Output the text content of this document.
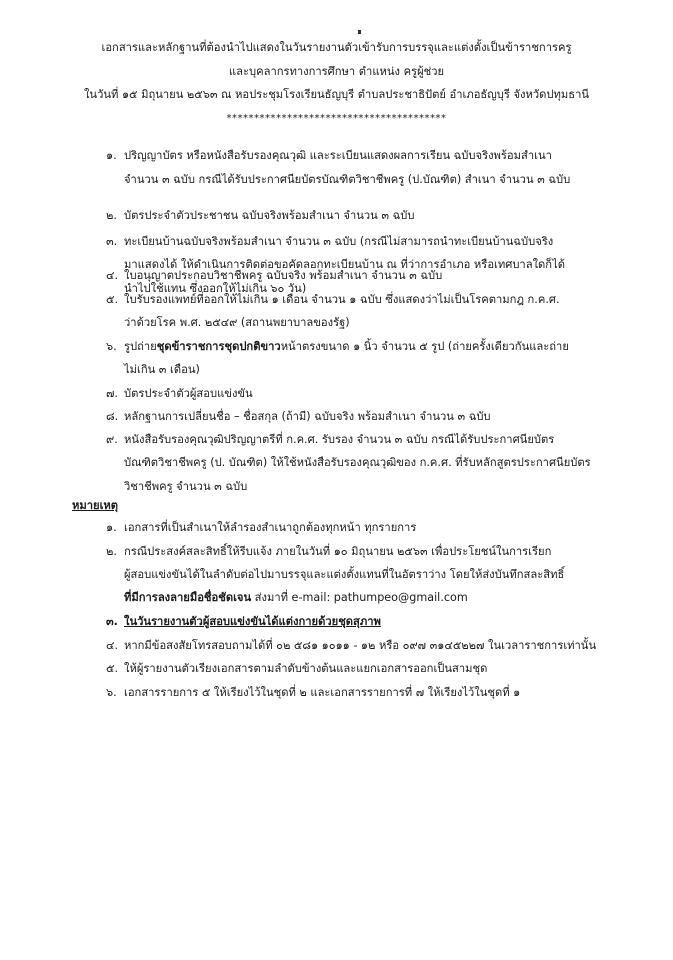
เอกสารและหลักฐานที่ต้องนำไปแสดงในวันรายงานตัวเข้ารับการบรรจุและแต่งตั้งเป็นข้าราชการครู
และบุคลากรทางการศึกษา ตำแหน่ง ครูผู้ช่วย
ในวันที่ ๑๕ มิถุนายน ๒๕๖๓ ณ หอประชุมโรงเรียนธัญบุรี ตำบลประชาธิปัตย์ อำเภอธัญบุรี จังหวัดปทุมธานี
****************************************
๑. ปริญญาบัตร หรือหนังสือรับรองคุณวุฒิ และระเบียนแสดงผลการเรียน ฉบับจริงพร้อมสำเนา
จำนวน ๓ ฉบับ กรณีได้รับประกาศนียบัตรบัณฑิตวิชาชีพครู (ป.บัณฑิต) สำเนา จำนวน ๓ ฉบับ
๒. บัตรประจำตัวประชาชน ฉบับจริงพร้อมสำเนา จำนวน ๓ ฉบับ
๓. ทะเบียนบ้านฉบับจริงพร้อมสำเนา จำนวน ๓ ฉบับ (กรณีไม่สามารถนำทะเบียนบ้านฉบับจริง
มาแสดงได้ ให้ดำเนินการติดต่อขอคัดลอกทะเบียนบ้าน ณ ที่ว่าการอำเภอ หรือเทศบาลใดก็ได้
นำไปใช้แทน ซึ่งออกให้ไม่เกิน ๖๐ วัน)
๔. ใบอนุญาตประกอบวิชาชีพครู ฉบับจริง พร้อมสำเนา จำนวน ๓ ฉบับ
๕. ใบรับรองแพทย์ที่ออกให้ไม่เกิน ๑ เดือน จำนวน ๑ ฉบับ ซึ่งแสดงว่าไม่เป็นโรคตามกฎ ก.ค.ศ.
ว่าด้วยโรค พ.ศ. ๒๕๔๙ (สถานพยาบาลของรัฐ)
๖. รูปถ่ายชุดข้าราชการชุดปกติขาวหน้าตรงขนาด ๑ นิ้ว จำนวน ๕ รูป (ถ่ายครั้งเดียวกันและถ่าย
ไม่เกิน ๓ เดือน)
๗. บัตรประจำตัวผู้สอบแข่งขัน
๘. หลักฐานการเปลี่ยนชื่อ – ชื่อสกุล (ถ้ามี) ฉบับจริง พร้อมสำเนา จำนวน ๓ ฉบับ
๙. หนังสือรับรองคุณวุฒิปริญญาตรีที่ ก.ค.ศ. รับรอง จำนวน ๓ ฉบับ กรณีได้รับประกาศนียบัตร
บัณฑิตวิชาชีพครู (ป. บัณฑิต) ให้ใช้หนังสือรับรองคุณวุฒิของ ก.ค.ศ. ที่รับหลักสูตรประกาศนียบัตร
วิชาชีพครู จำนวน ๓ ฉบับ
หมายเหตุ
๑. เอกสารที่เป็นสำเนาให้ลำรองสำเนาถูกต้องทุกหน้า ทุกรายการ
๒. กรณีประสงค์สละสิทธิ์ให้รีบแจ้ง ภายในวันที่ ๑๐ มิถุนายน ๒๕๖๓ เพื่อประโยชน์ในการเรียก
ผู้สอบแข่งขันได้ในลำดับต่อไปมาบรรจุและแต่งตั้งแทนที่ในอัตราว่าง โดยให้ส่งบันทึกสละสิทธิ์
ที่มีการลงลายมือชื่อชัดเจน ส่งมาที่ e-mail: pathumpeo@gmail.com
๓. ในวันรายงานตัวผู้สอบแข่งขันได้แต่งกายด้วยชุดสุภาพ
๔. หากมีข้อสงสัยโทรสอบถามได้ที่ ๐๒ ๕๘๑ ๑๐๑๑ - ๑๒ หรือ ๐๙๗ ๓๑๔๕๒๒๗ ในเวลาราชการเท่านั้น
๕. ให้ผู้รายงานตัวเรียงเอกสารตามลำดับข้างต้นและแยกเอกสารออกเป็นสามชุด
๖. เอกสารรายการ ๕ ให้เรียงไว้ในชุดที่ ๒ และเอกสารรายการที่ ๗ ให้เรียงไว้ในชุดที่ ๑
